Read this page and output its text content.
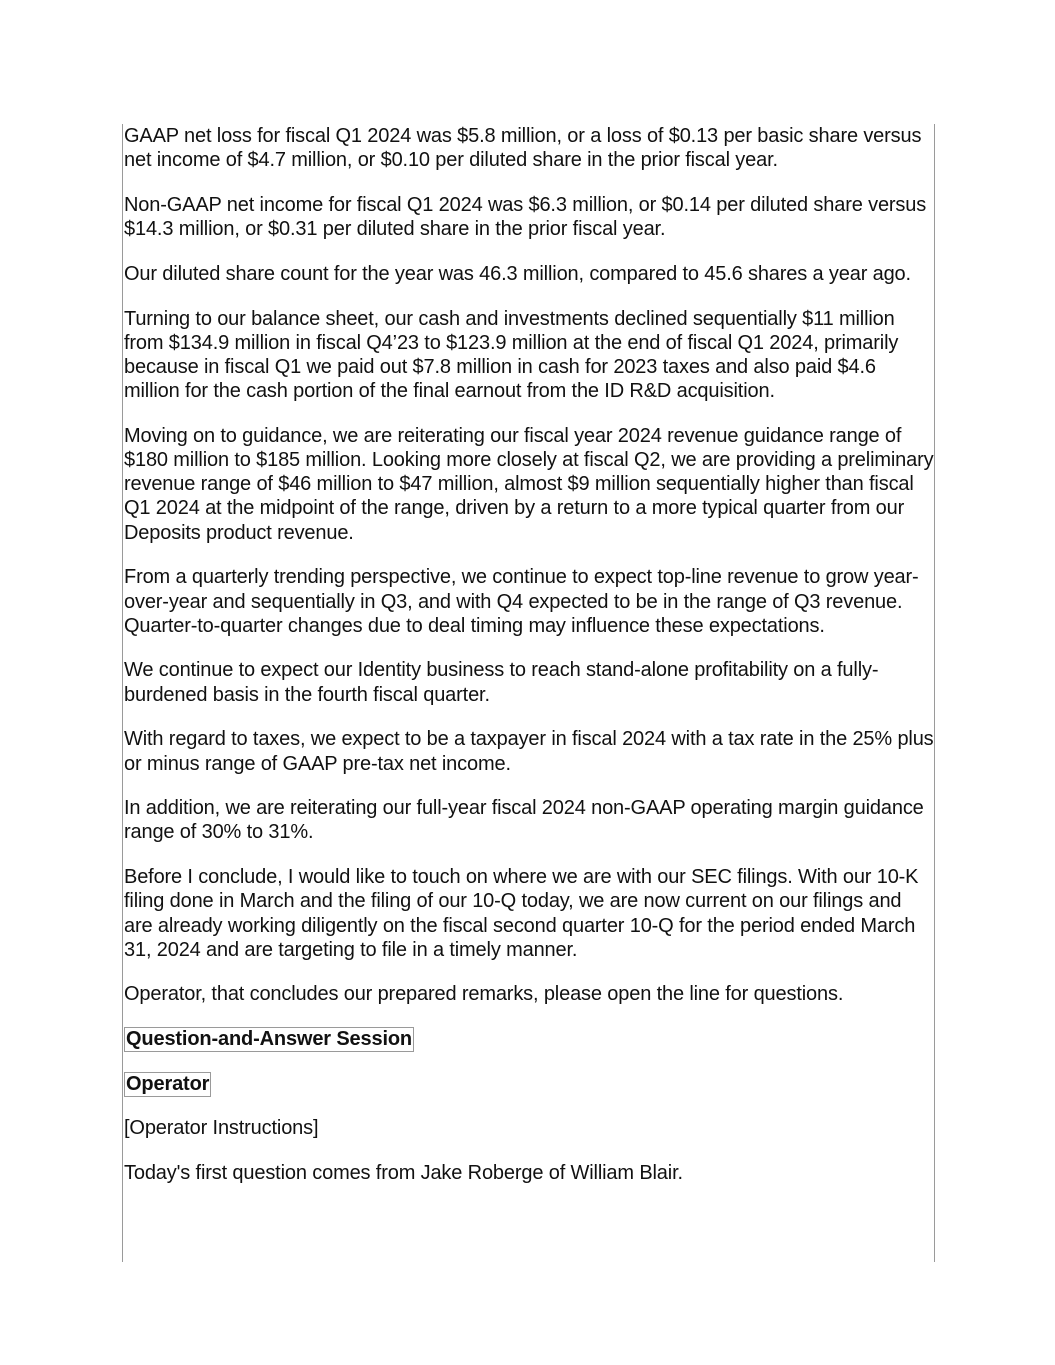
GAAP net loss for fiscal Q1 2024 was $5.8 million, or a loss of $0.13 per basic share versus net income of $4.7 million, or $0.10 per diluted share in the prior fiscal year.

Non-GAAP net income for fiscal Q1 2024 was $6.3 million, or $0.14 per diluted share versus $14.3 million, or $0.31 per diluted share in the prior fiscal year.

Our diluted share count for the year was 46.3 million, compared to 45.6 shares a year ago.

Turning to our balance sheet, our cash and investments declined sequentially $11 million from $134.9 million in fiscal Q4’23 to $123.9 million at the end of fiscal Q1 2024, primarily because in fiscal Q1 we paid out $7.8 million in cash for 2023 taxes and also paid $4.6 million for the cash portion of the final earnout from the ID R&D acquisition.

Moving on to guidance, we are reiterating our fiscal year 2024 revenue guidance range of $180 million to $185 million. Looking more closely at fiscal Q2, we are providing a preliminary revenue range of $46 million to $47 million, almost $9 million sequentially higher than fiscal Q1 2024 at the midpoint of the range, driven by a return to a more typical quarter from our Deposits product revenue.

From a quarterly trending perspective, we continue to expect top-line revenue to grow year-over-year and sequentially in Q3, and with Q4 expected to be in the range of Q3 revenue. Quarter-to-quarter changes due to deal timing may influence these expectations.

We continue to expect our Identity business to reach stand-alone profitability on a fully-burdened basis in the fourth fiscal quarter.

With regard to taxes, we expect to be a taxpayer in fiscal 2024 with a tax rate in the 25% plus or minus range of GAAP pre-tax net income.

In addition, we are reiterating our full-year fiscal 2024 non-GAAP operating margin guidance range of 30% to 31%.

Before I conclude, I would like to touch on where we are with our SEC filings. With our 10-K filing done in March and the filing of our 10-Q today, we are now current on our filings and are already working diligently on the fiscal second quarter 10-Q for the period ended March 31, 2024 and are targeting to file in a timely manner.

Operator, that concludes our prepared remarks, please open the line for questions.

Question-and-Answer Session

Operator

[Operator Instructions]

Today's first question comes from Jake Roberge of William Blair.
